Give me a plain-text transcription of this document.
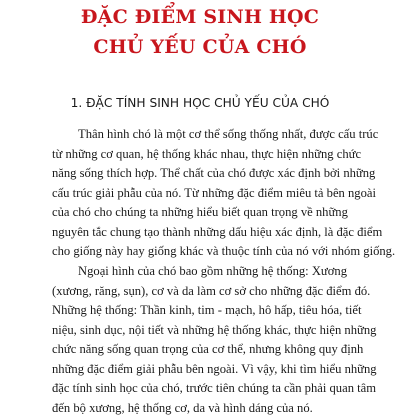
ĐẶC ĐIỂM SINH HỌC
CHỦ YẾU CỦA CHÓ
1. ĐẶC TÍNH SINH HỌC CHỦ YẾU CỦA CHÓ
Thân hình chó là một cơ thể sống thống nhất, được cấu trúc
từ những cơ quan, hệ thống khác nhau, thực hiện những chức
năng sống thích hợp. Thể chất của chó được xác định bởi những
cấu trúc giải phẫu của nó. Từ những đặc điểm miêu tả bên ngoài
của chó cho chúng ta những hiểu biết quan trọng về những
nguyên tắc chung tạo thành những dấu hiệu xác định, là đặc điểm
cho giống này hay giống khác và thuộc tính của nó với nhóm giống.
Ngoại hình của chó bao gồm những hệ thống: Xương
(xương, răng, sụn), cơ và da làm cơ sở cho những đặc điểm đó.
Những hệ thống: Thần kinh, tim - mạch, hô hấp, tiêu hóa, tiết
niệu, sinh dục, nội tiết và những hệ thống khác, thực hiện những
chức năng sống quan trọng của cơ thể, nhưng không quy định
những đặc điểm giải phẫu bên ngoài. Vì vậy, khi tìm hiểu những
đặc tính sinh học của chó, trước tiên chúng ta cần phải quan tâm
đến bộ xương, hệ thống cơ, da và hình dáng của nó.
